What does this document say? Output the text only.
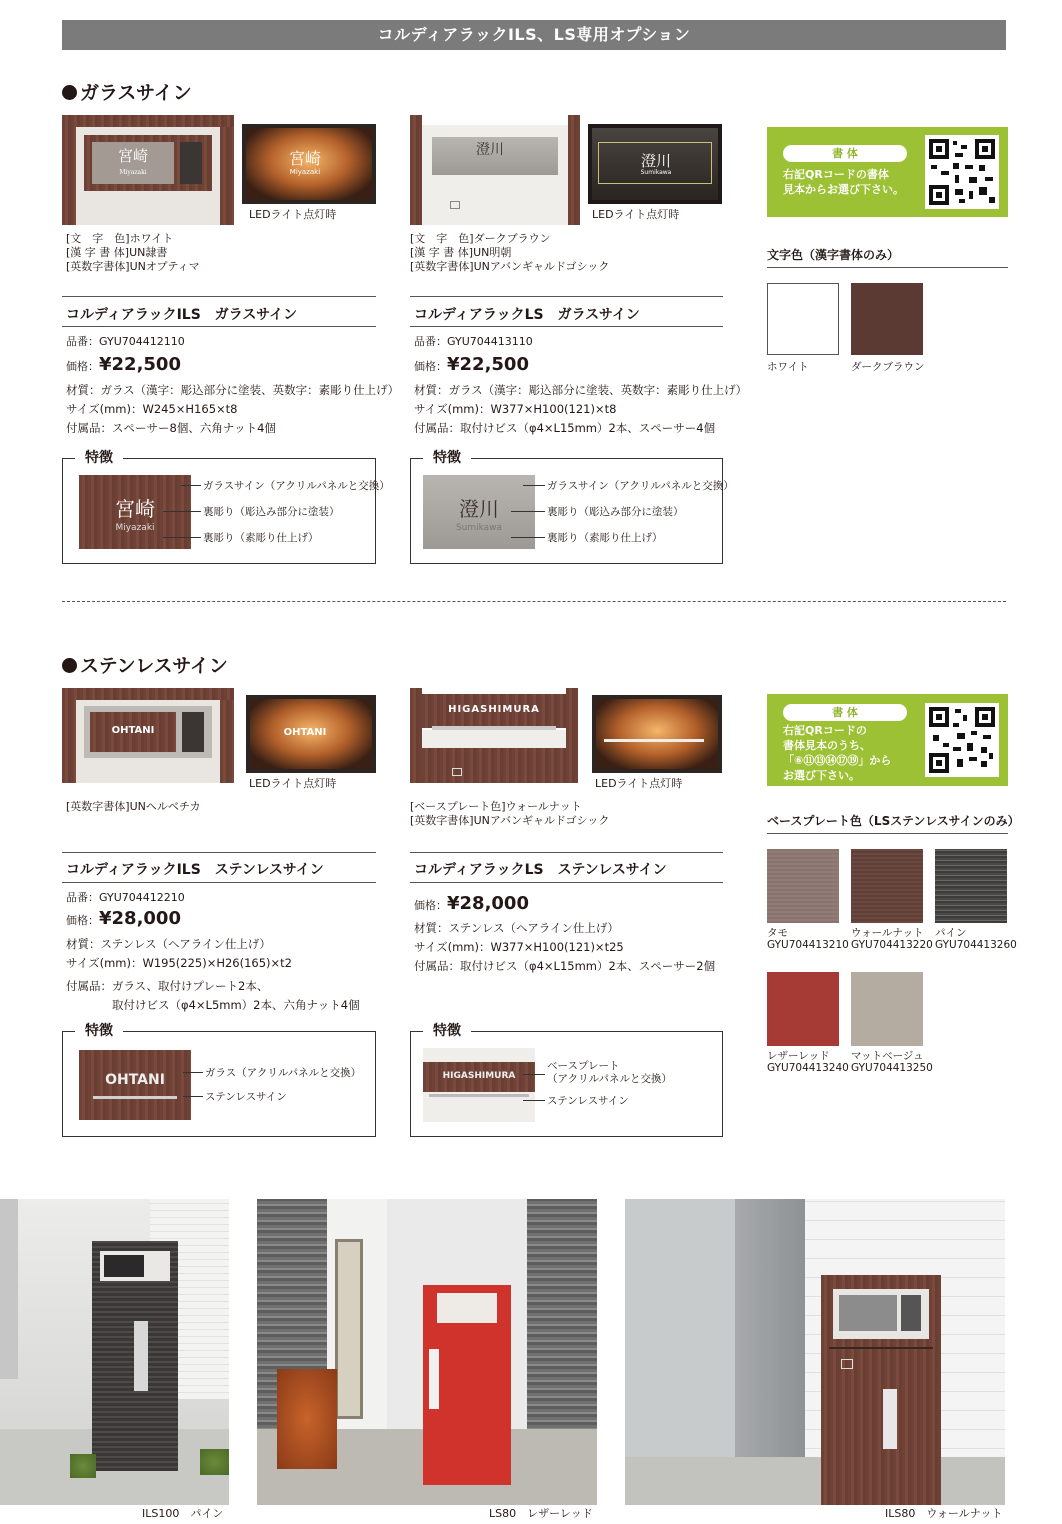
コルディアラックILS、LS専用オプション
ガラスサイン
宮崎
Miyazaki
宮崎
Miyazaki
LEDライト点灯時
[文　字　色]ホワイト
[漢 字 書 体]UN隷書
[英数字書体]UNオプティマ
澄川
澄川
Sumikawa
LEDライト点灯時
[文　字　色]ダークブラウン
[漢 字 書 体]UN明朝
[英数字書体]UNアバンギャルドゴシック
書 体
右記QRコードの書体
見本からお選び下さい。
文字色（漢字書体のみ）
ホワイト	ダークブラウン
コルディアラックILS　ガラスサイン
品番：GYU704412110
価格：¥22,500
材質：ガラス（漢字：彫込部分に塗装、英数字：素彫り仕上げ）
サイズ(mm)：W245×H165×t8
付属品：スペーサー8個、六角ナット4個
コルディアラックLS　ガラスサイン
品番：GYU704413110
価格：¥22,500
材質：ガラス（漢字：彫込部分に塗装、英数字：素彫り仕上げ）
サイズ(mm)：W377×H100(121)×t8
付属品：取付けビス（φ4×L15mm）2本、スペーサー4個
特徴
宮崎
Miyazaki
ガラスサイン（アクリルパネルと交換）
裏彫り（彫込み部分に塗装）
裏彫り（素彫り仕上げ）
特徴
澄川
Sumikawa
ガラスサイン（アクリルパネルと交換）
裏彫り（彫込み部分に塗装）
裏彫り（素彫り仕上げ）
ステンレスサイン
OHTANI	OHTANI
LEDライト点灯時
[英数字書体]UNヘルベチカ
HIGASHIMURA
LEDライト点灯時
[ベースプレート色]ウォールナット
[英数字書体]UNアバンギャルドゴシック
書 体
右記QRコードの
書体見本のうち、
「⑥⑪⑬⑭⑰⑲」から
お選び下さい。
ベースプレート色（LSステンレスサインのみ）
タモ
GYU704413210
ウォールナット
GYU704413220
パイン
GYU704413260
レザーレッド
GYU704413240
マットベージュ
GYU704413250
コルディアラックILS　ステンレスサイン
品番：GYU704412210
価格：¥28,000
材質：ステンレス（ヘアライン仕上げ）
サイズ(mm)：W195(225)×H26(165)×t2
付属品：ガラス、取付けプレート2本、
　　　　取付けビス（φ4×L5mm）2本、六角ナット4個
コルディアラックLS　ステンレスサイン
価格：¥28,000
材質：ステンレス（ヘアライン仕上げ）
サイズ(mm)：W377×H100(121)×t25
付属品：取付けビス（φ4×L15mm）2本、スペーサー2個
特徴
OHTANI	ガラス（アクリルパネルと交換）
ステンレスサイン
特徴
HIGASHIMURA
ベースプレート
（アクリルパネルと交換）
ステンレスサイン
ILS100　パイン	LS80　レザーレッド	ILS80　ウォールナット
